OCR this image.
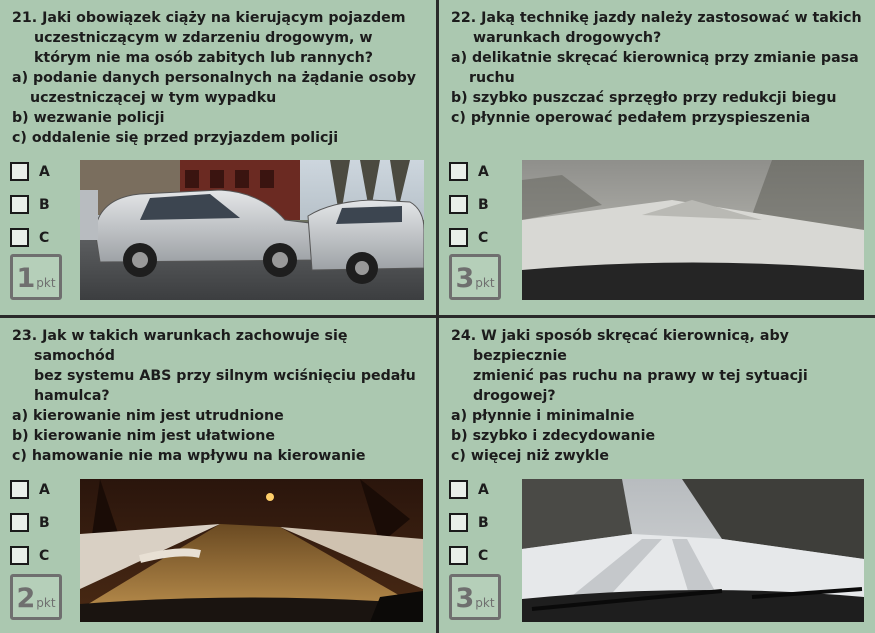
21. Jaki obowiązek ciąży na kierującym pojazdem
uczestniczącym w zdarzeniu drogowym, w
którym nie ma osób zabitych lub rannych?
a) podanie danych personalnych na żądanie osoby uczestniczącej w tym wypadku
b) wezwanie policji
c) oddalenie się przed przyjazdem policji
A
B
C
1 pkt
22. Jaką technikę jazdy należy zastosować w takich
warunkach drogowych?
a) delikatnie skręcać kierownicą przy zmianie pasa ruchu
b) szybko puszczać sprzęgło przy redukcji biegu
c) płynnie operować pedałem przyspieszenia
A
B
C
3 pkt
23. Jak w takich warunkach zachowuje się samochód
bez systemu ABS przy silnym wciśnięciu pedału
hamulca?
a) kierowanie nim jest utrudnione
b) kierowanie nim jest ułatwione
c) hamowanie nie ma wpływu na kierowanie
A
B
C
2 pkt
24. W jaki sposób skręcać kierownicą, aby bezpiecznie
zmienić pas ruchu na prawy w tej sytuacji drogowej?
a) płynnie i minimalnie
b) szybko i zdecydowanie
c) więcej niż zwykle
A
B
C
3 pkt
